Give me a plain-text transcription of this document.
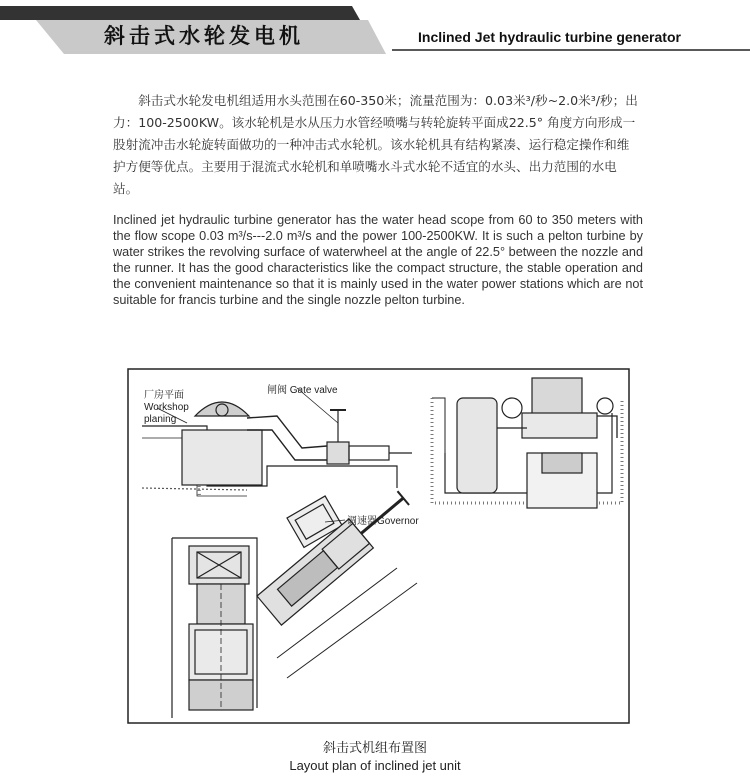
斜击式水轮发电机	Inclined Jet hydraulic turbine generator

斜击式水轮发电机组适用水头范围在60-350米；流量范围为：0.03米³/秒~2.0米³/秒；出力：100-2500KW。该水轮机是水从压力水管经喷嘴与转轮旋转平面成22.5° 角度方向形成一股射流冲击水轮旋转面做功的一种冲击式水轮机。该水轮机具有结构紧凑、运行稳定操作和维护方便等优点。主要用于混流式水轮机和单喷嘴水斗式水轮不适宜的水头、出力范围的水电站。

Inclined jet hydraulic turbine generator has the water head scope from 60 to 350 meters with the flow scope 0.03 m³/s---2.0 m³/s and the power 100-2500KW. It is such a pelton turbine by water strikes the revolving surface of waterwheel at the angle of 22.5° between the nozzle and the runner. It has the good characteristics like the compact structure, the stable operation and the convenient maintenance so that it is mainly used in the water power stations which are not suitable for francis turbine and the single nozzle pelton turbine.

厂房平面
Workshop
planing
闸阀 Gate valve
调速器Governor
斜击式机组布置图
Layout plan of inclined jet unit
